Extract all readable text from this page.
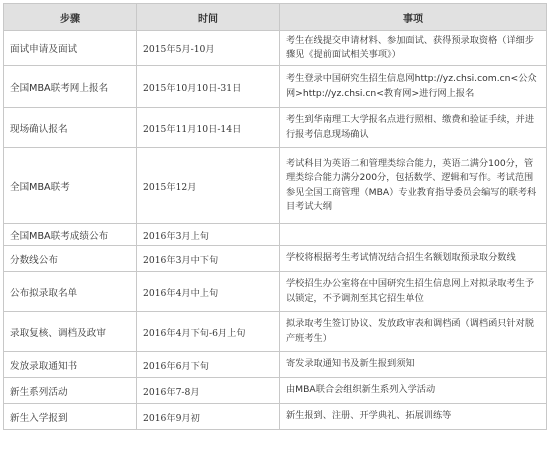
步骤	时间	事项
面试申请及面试	2015年5月-10月	考生在线提交申请材料、参加面试、获得预录取资格（详细步骤见《提前面试相关事项》）
全国MBA联考网上报名	2015年10月10日-31日	考生登录中国研究生招生信息网http://yz.chsi.com.cn<公众网>http://yz.chsi.cn<教育网>进行网上报名
现场确认报名	2015年11月10日-14日	考生到华南理工大学报名点进行照相、缴费和验证手续，并进行报考信息现场确认
全国MBA联考	2015年12月	考试科目为英语二和管理类综合能力，英语二满分100分，管理类综合能力满分200分，包括数学、逻辑和写作。考试范围参见全国工商管理（MBA）专业教育指导委员会编写的联考科目考试大纲
全国MBA联考成绩公布	2016年3月上旬	
分数线公布	2016年3月中下旬	学校将根据考生考试情况结合招生名额划取预录取分数线
公布拟录取名单	2016年4月中上旬	学校招生办公室将在中国研究生招生信息网上对拟录取考生予以锁定，不予调剂至其它招生单位
录取复核、调档及政审	2016年4月下旬-6月上旬	拟录取考生签订协议、发放政审表和调档函（调档函只针对脱产班考生）
发放录取通知书	2016年6月下旬	寄发录取通知书及新生报到须知
新生系列活动	2016年7-8月	由MBA联合会组织新生系列入学活动
新生入学报到	2016年9月初	新生报到、注册、开学典礼、拓展训练等
